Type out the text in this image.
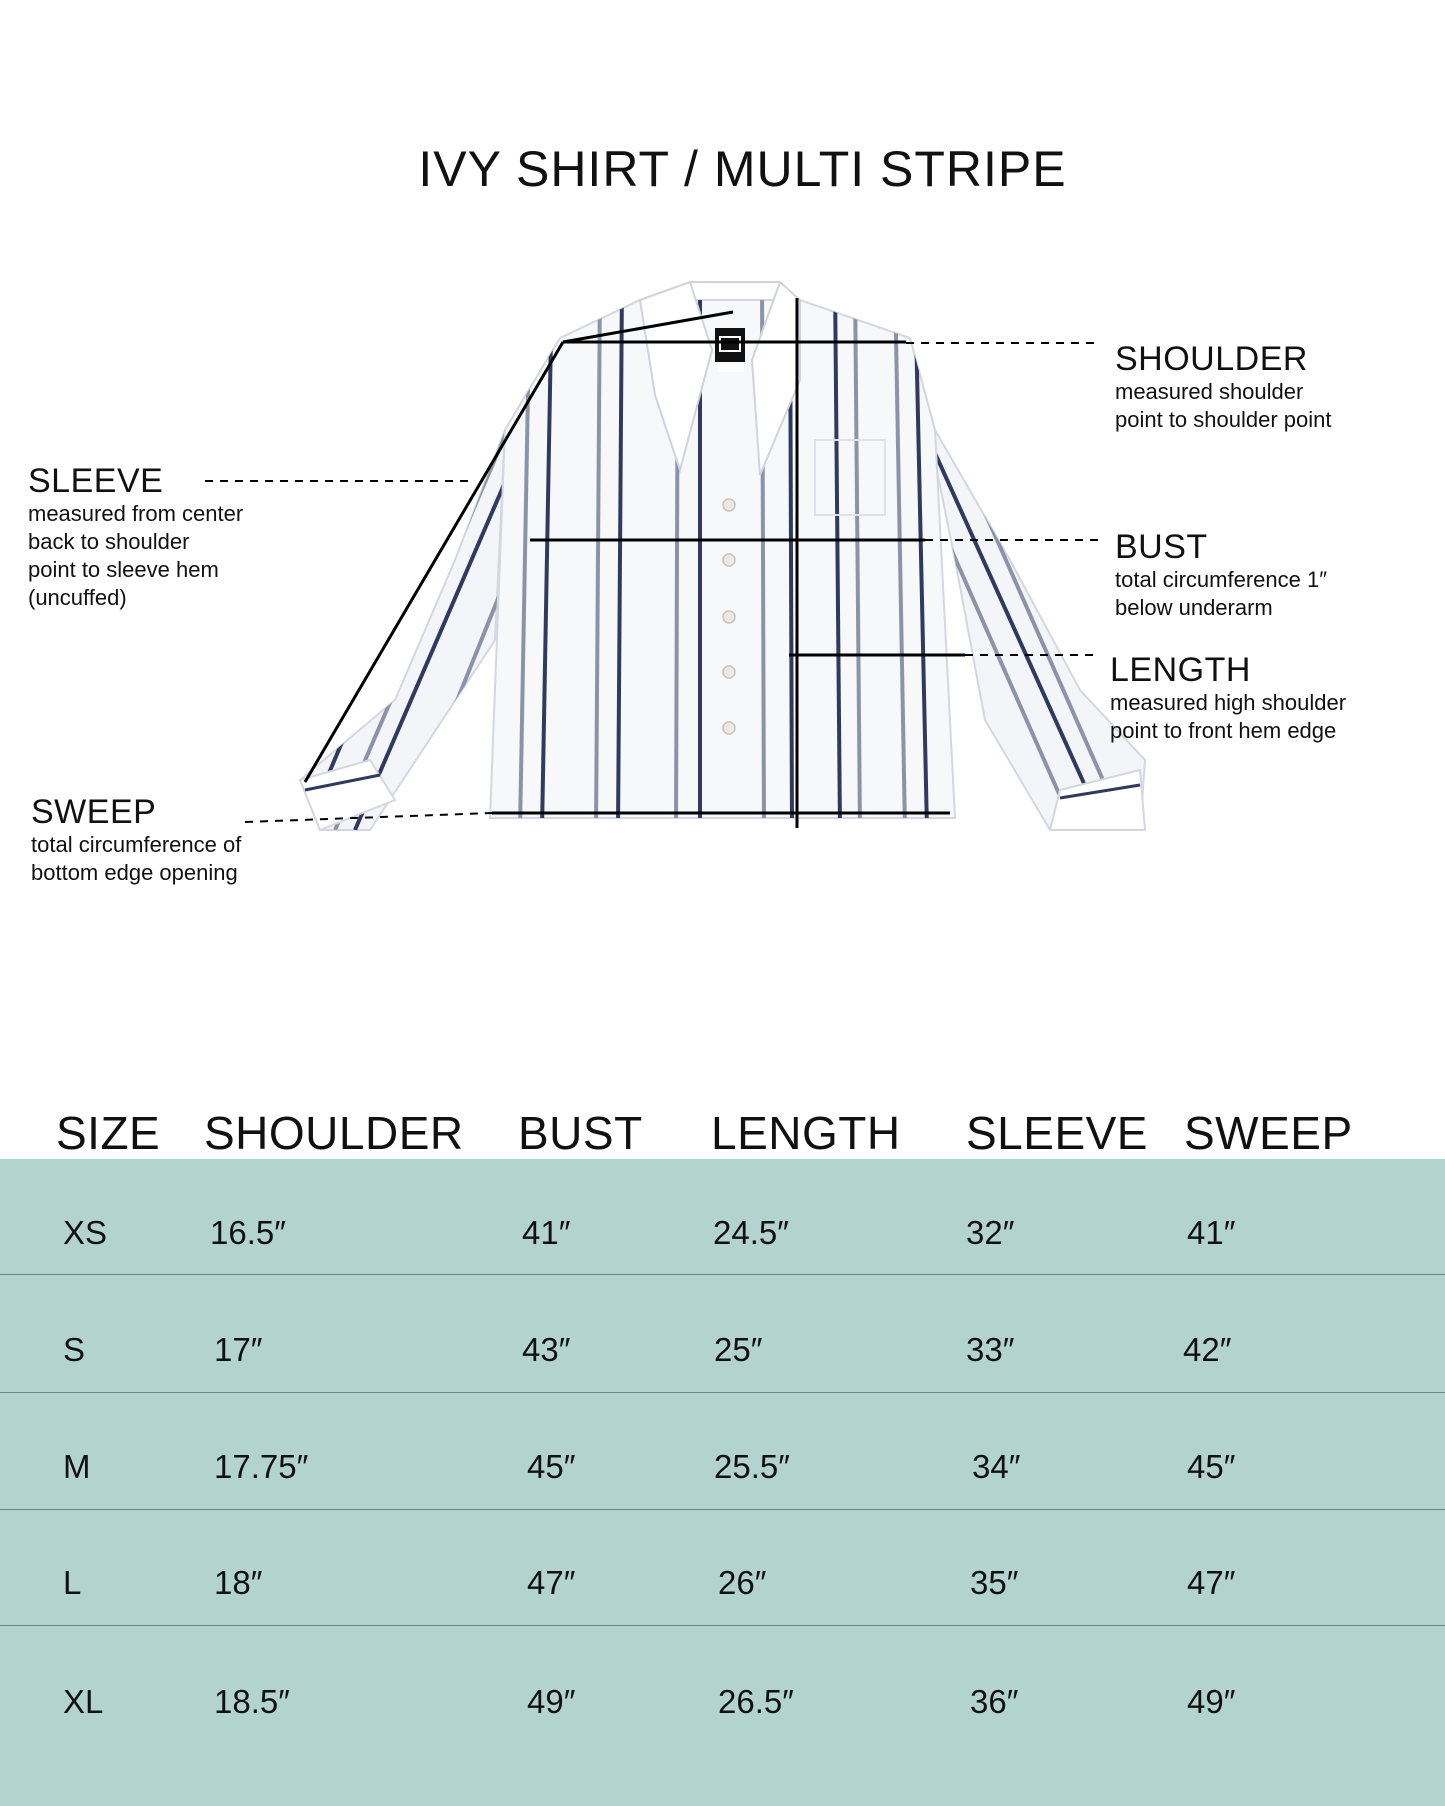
IVY SHIRT / MULTI STRIPE
SHOULDER
measured shoulder
point to shoulder point
SLEEVE
measured from center
back to shoulder
point to sleeve hem
(uncuffed)
BUST
total circumference 1″
below underarm
LENGTH
measured high shoulder
point to front hem edge
SWEEP
total circumference of
bottom edge opening
SIZE SHOULDER BUST LENGTH SLEEVE SWEEP
XS	16.5″	41″	24.5″	32″	41″
S	17″	43″	25″	33″	42″
M	17.75″	45″	25.5″	34″	45″
L	18″	47″	26″	35″	47″
XL	18.5″	49″	26.5″	36″	49″
